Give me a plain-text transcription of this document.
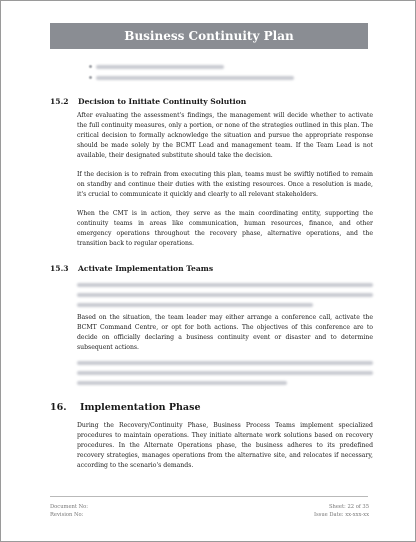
Business Continuity Plan
15.2 Decision to Initiate Continuity Solution

After evaluating the assessment's findings, the management will decide whether to activate the full continuity measures, only a portion, or none of the strategies outlined in this plan. The critical decision to formally acknowledge the situation and pursue the appropriate response should be made solely by the BCMT Lead and management team. If the Team Lead is not available, their designated substitute should take the decision.

If the decision is to refrain from executing this plan, teams must be swiftly notified to remain on standby and continue their duties with the existing resources. Once a resolution is made, it's crucial to communicate it quickly and clearly to all relevant stakeholders.

When the CMT is in action, they serve as the main coordinating entity, supporting the continuity teams in areas like communication, human resources, finance, and other emergency operations throughout the recovery phase, alternative operations, and the transition back to regular operations.

15.3 Activate Implementation Teams

Based on the situation, the team leader may either arrange a conference call, activate the BCMT Command Centre, or opt for both actions. The objectives of this conference are to decide on officially declaring a business continuity event or disaster and to determine subsequent actions.

16. Implementation Phase

During the Recovery/Continuity Phase, Business Process Teams implement specialized procedures to maintain operations. They initiate alternate work solutions based on recovery procedures. In the Alternate Operations phase, the business adheres to its predefined recovery strategies, manages operations from the alternative site, and relocates if necessary, according to the scenario's demands.

Document No:
Revision No:
Sheet: 22 of 35
Issue Date: xx-xxx-xx
